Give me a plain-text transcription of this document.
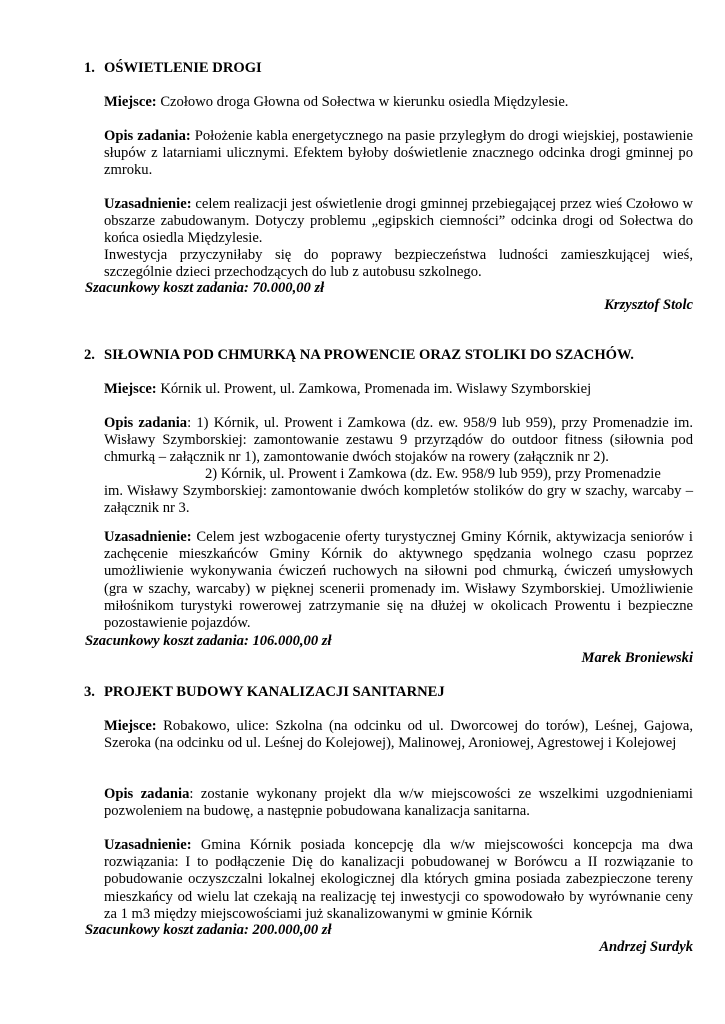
1. OŚWIETLENIE DROGI
Miejsce: Czołowo droga Głowna od Sołectwa w kierunku osiedla Międzylesie.
Opis zadania: Położenie kabla energetycznego na pasie przyległym do drogi wiejskiej, postawienie słupów z latarniami ulicznymi. Efektem byłoby doświetlenie znacznego odcinka drogi gminnej po zmroku.
Uzasadnienie: celem realizacji jest oświetlenie drogi gminnej przebiegającej przez wieś Czołowo w obszarze zabudowanym. Dotyczy problemu „egipskich ciemności” odcinka drogi od Sołectwa do końca osiedla Międzylesie.
Inwestycja przyczyniłaby się do poprawy bezpieczeństwa ludności zamieszkującej wieś, szczególnie dzieci przechodzących do lub z autobusu szkolnego.
Szacunkowy koszt zadania: 70.000,00 zł
Krzysztof Stolc
2. SIŁOWNIA POD CHMURKĄ NA PROWENCIE ORAZ STOLIKI DO SZACHÓW.
Miejsce: Kórnik ul. Prowent, ul. Zamkowa, Promenada im. Wislawy Szymborskiej
Opis zadania: 1) Kórnik, ul. Prowent i Zamkowa (dz. ew. 958/9 lub 959), przy Promenadzie im. Wisławy Szymborskiej: zamontowanie zestawu 9 przyrządów do outdoor fitness (siłownia pod chmurką – załącznik nr 1), zamontowanie dwóch stojaków na rowery (załącznik nr 2).
2) Kórnik, ul. Prowent i Zamkowa (dz. Ew. 958/9 lub 959), przy Promenadzie
im. Wisławy Szymborskiej: zamontowanie dwóch kompletów stolików do gry w szachy, warcaby – załącznik nr 3.
Uzasadnienie: Celem jest wzbogacenie oferty turystycznej Gminy Kórnik, aktywizacja seniorów i zachęcenie mieszkańców Gminy Kórnik do aktywnego spędzania wolnego czasu poprzez umożliwienie wykonywania ćwiczeń ruchowych na siłowni pod chmurką, ćwiczeń umysłowych (gra w szachy, warcaby) w pięknej scenerii promenady im. Wisławy Szymborskiej. Umożliwienie miłośnikom turystyki rowerowej zatrzymanie się na dłużej w okolicach Prowentu i bezpieczne pozostawienie pojazdów.
Szacunkowy koszt zadania: 106.000,00 zł
Marek Broniewski
3. PROJEKT BUDOWY KANALIZACJI SANITARNEJ
Miejsce: Robakowo, ulice: Szkolna (na odcinku od ul. Dworcowej do torów), Leśnej, Gajowa, Szeroka (na odcinku od ul. Leśnej do Kolejowej), Malinowej, Aroniowej, Agrestowej i Kolejowej
Opis zadania: zostanie wykonany projekt dla w/w miejscowości ze wszelkimi uzgodnieniami pozwoleniem na budowę, a następnie pobudowana kanalizacja sanitarna.
Uzasadnienie: Gmina Kórnik posiada koncepcję dla w/w miejscowości koncepcja ma dwa rozwiązania: I to podłączenie Dię do kanalizacji pobudowanej w Borówcu a II rozwiązanie to pobudowanie oczyszczalni lokalnej ekologicznej dla których gmina posiada zabezpieczone tereny mieszkańcy od wielu lat czekają na realizację tej inwestycji co spowodowało by wyrównanie ceny za 1 m3 między miejscowościami już skanalizowanymi w gminie Kórnik
Szacunkowy koszt zadania: 200.000,00 zł
Andrzej Surdyk
